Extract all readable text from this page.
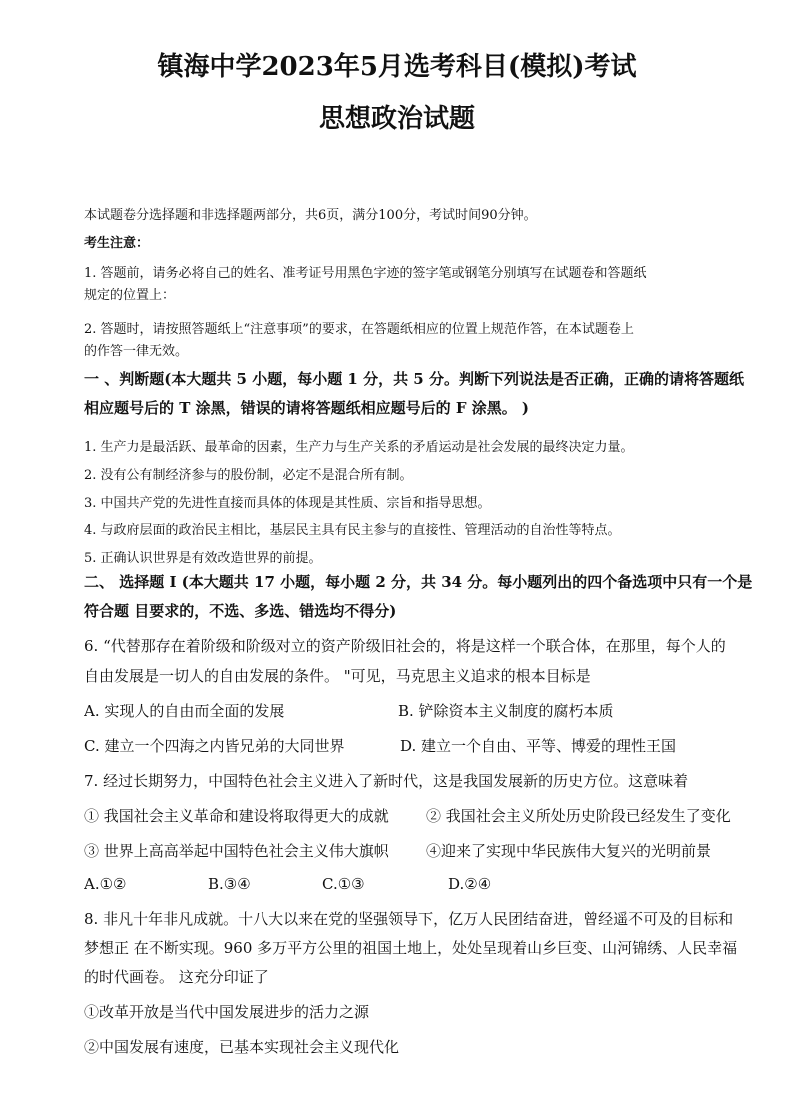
镇海中学2023年5月选考科目(模拟)考试
思想政治试题
本试题卷分选择题和非选择题两部分，共6页，满分100分，考试时间90分钟。
考生注意：
1. 答题前，请务必将自己的姓名、准考证号用黑色字迹的签字笔或钢笔分别填写在试题卷和答题纸
规定的位置上：
2. 答题时，请按照答题纸上“注意事项”的要求，在答题纸相应的位置上规范作答，在本试题卷上
的作答一律无效。
一 、判断题(本大题共 5 小题，每小题 1 分，共 5 分。判断下列说法是否正确，正确的请将答题纸
相应题号后的 T 涂黑，错误的请将答题纸相应题号后的 F 涂黑。 )
1. 生产力是最活跃、最革命的因素，生产力与生产关系的矛盾运动是社会发展的最终决定力量。
2. 没有公有制经济参与的股份制，必定不是混合所有制。
3. 中国共产党的先进性直接而具体的体现是其性质、宗旨和指导思想。
4. 与政府层面的政治民主相比，基层民主具有民主参与的直接性、管理活动的自治性等特点。
5. 正确认识世界是有效改造世界的前提。
二、 选择题 I (本大题共 17 小题，每小题 2 分，共 34 分。每小题列出的四个备选项中只有一个是
符合题 目要求的，不选、多选、错选均不得分)
6. “代替那存在着阶级和阶级对立的资产阶级旧社会的，将是这样一个联合体，在那里，每个人的
自由发展是一切人的自由发展的条件。 "可见，马克思主义追求的根本目标是
A. 实现人的自由而全面的发展	B. 铲除资本主义制度的腐朽本质
C. 建立一个四海之内皆兄弟的大同世界	D. 建立一个自由、平等、博爱的理性王国
7. 经过长期努力，中国特色社会主义进入了新时代，这是我国发展新的历史方位。这意味着
① 我国社会主义革命和建设将取得更大的成就	② 我国社会主义所处历史阶段已经发生了变化
③ 世界上高高举起中国特色社会主义伟大旗帜	④迎来了实现中华民族伟大复兴的光明前景
A.①②	B.③④	C.①③	D.②④
8. 非凡十年非凡成就。十八大以来在党的坚强领导下，亿万人民团结奋进，曾经遥不可及的目标和
梦想正 在不断实现。960 多万平方公里的祖国土地上，处处呈现着山乡巨变、山河锦绣、人民幸福
的时代画卷。 这充分印证了
①改革开放是当代中国发展进步的活力之源
②中国发展有速度，已基本实现社会主义现代化
